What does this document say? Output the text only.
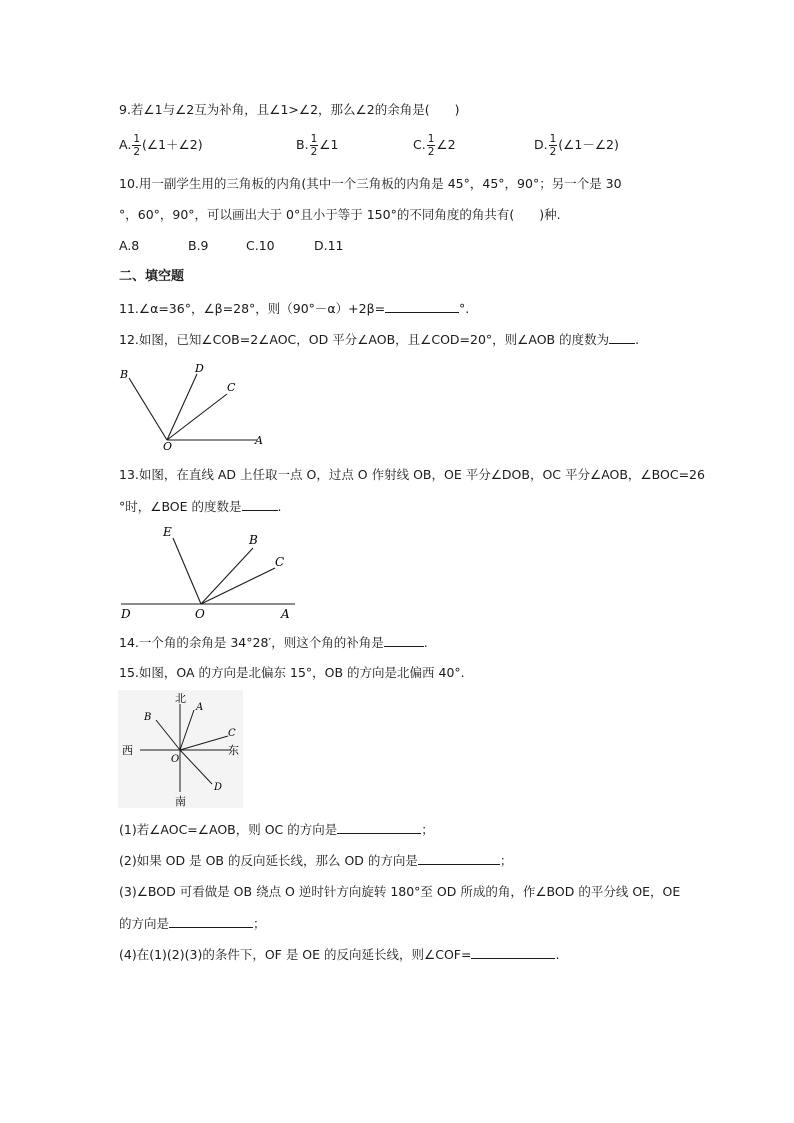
9.若∠1与∠2互为补角，且∠1>∠2，那么∠2的余角是(　　)
A. $\frac{1}{2}$ (∠1＋∠2)	B. $\frac{1}{2}$ ∠1	C. $\frac{1}{2}$ ∠2	D. $\frac{1}{2}$ (∠1－∠2)
10.用一副学生用的三角板的内角(其中一个三角板的内角是 45°，45°，90°；另一个是 30
°，60°，90°，可以画出大于 0°且小于等于 150°的不同角度的角共有(　　)种.
A.8	B.9	C.10	D.11
二、填空题
11.∠α=36°，∠β=28°，则（90°－α）+2β=	°.
12.如图，已知∠COB=2∠AOC，OD 平分∠AOB，且∠COD=20°，则∠AOB 的度数为 .
B	D
C
O	A
13.如图，在直线 AD 上任取一点 O，过点 O 作射线 OB，OE 平分∠DOB，OC 平分∠AOB，∠BOC=26
°时，∠BOE 的度数是	.
E
B
C
D	O	A
14.一个角的余角是 34°28′，则这个角的补角是	.
15.如图，OA 的方向是北偏东 15°，OB 的方向是北偏西 40°.
北
南
西	东
A
B
C
D
O
(1)若∠AOC=∠AOB，则 OC 的方向是	；
(2)如果 OD 是 OB 的反向延长线，那么 OD 的方向是	；
(3)∠BOD 可看做是 OB 绕点 O 逆时针方向旋转 180°至 OD 所成的角，作∠BOD 的平分线 OE，OE
的方向是	；
(4)在(1)(2)(3)的条件下，OF 是 OE 的反向延长线，则∠COF=	.
